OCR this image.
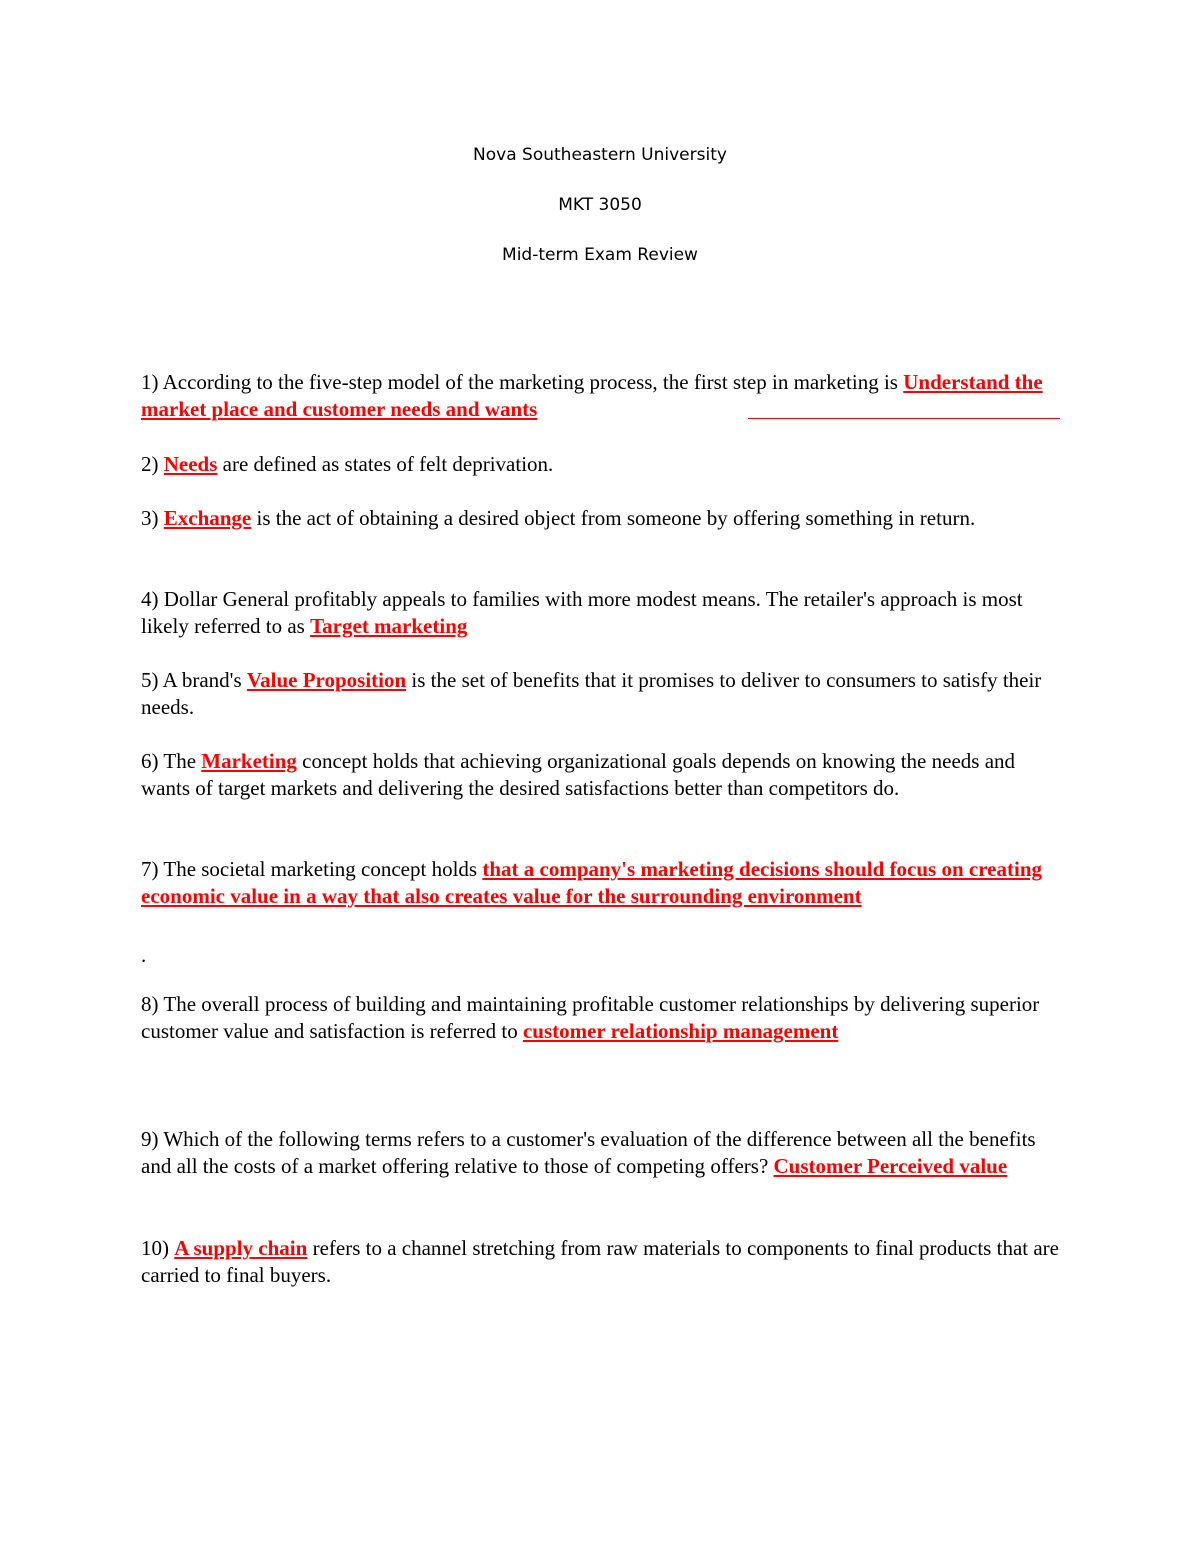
Nova Southeastern University
MKT 3050
Mid-term Exam Review
1) According to the five-step model of the marketing process, the first step in marketing is Understand the market place and customer needs and wants
2) Needs are defined as states of felt deprivation.
3) Exchange is the act of obtaining a desired object from someone by offering something in return.
4) Dollar General profitably appeals to families with more modest means. The retailer's approach is most likely referred to as Target marketing
5) A brand's Value Proposition is the set of benefits that it promises to deliver to consumers to satisfy their needs.
6) The Marketing concept holds that achieving organizational goals depends on knowing the needs and wants of target markets and delivering the desired satisfactions better than competitors do.
7) The societal marketing concept holds that a company's marketing decisions should focus on creating economic value in a way that also creates value for the surrounding environment
.
8) The overall process of building and maintaining profitable customer relationships by delivering superior customer value and satisfaction is referred to customer relationship management
9) Which of the following terms refers to a customer's evaluation of the difference between all the benefits and all the costs of a market offering relative to those of competing offers? Customer Perceived value
10) A supply chain refers to a channel stretching from raw materials to components to final products that are carried to final buyers.
